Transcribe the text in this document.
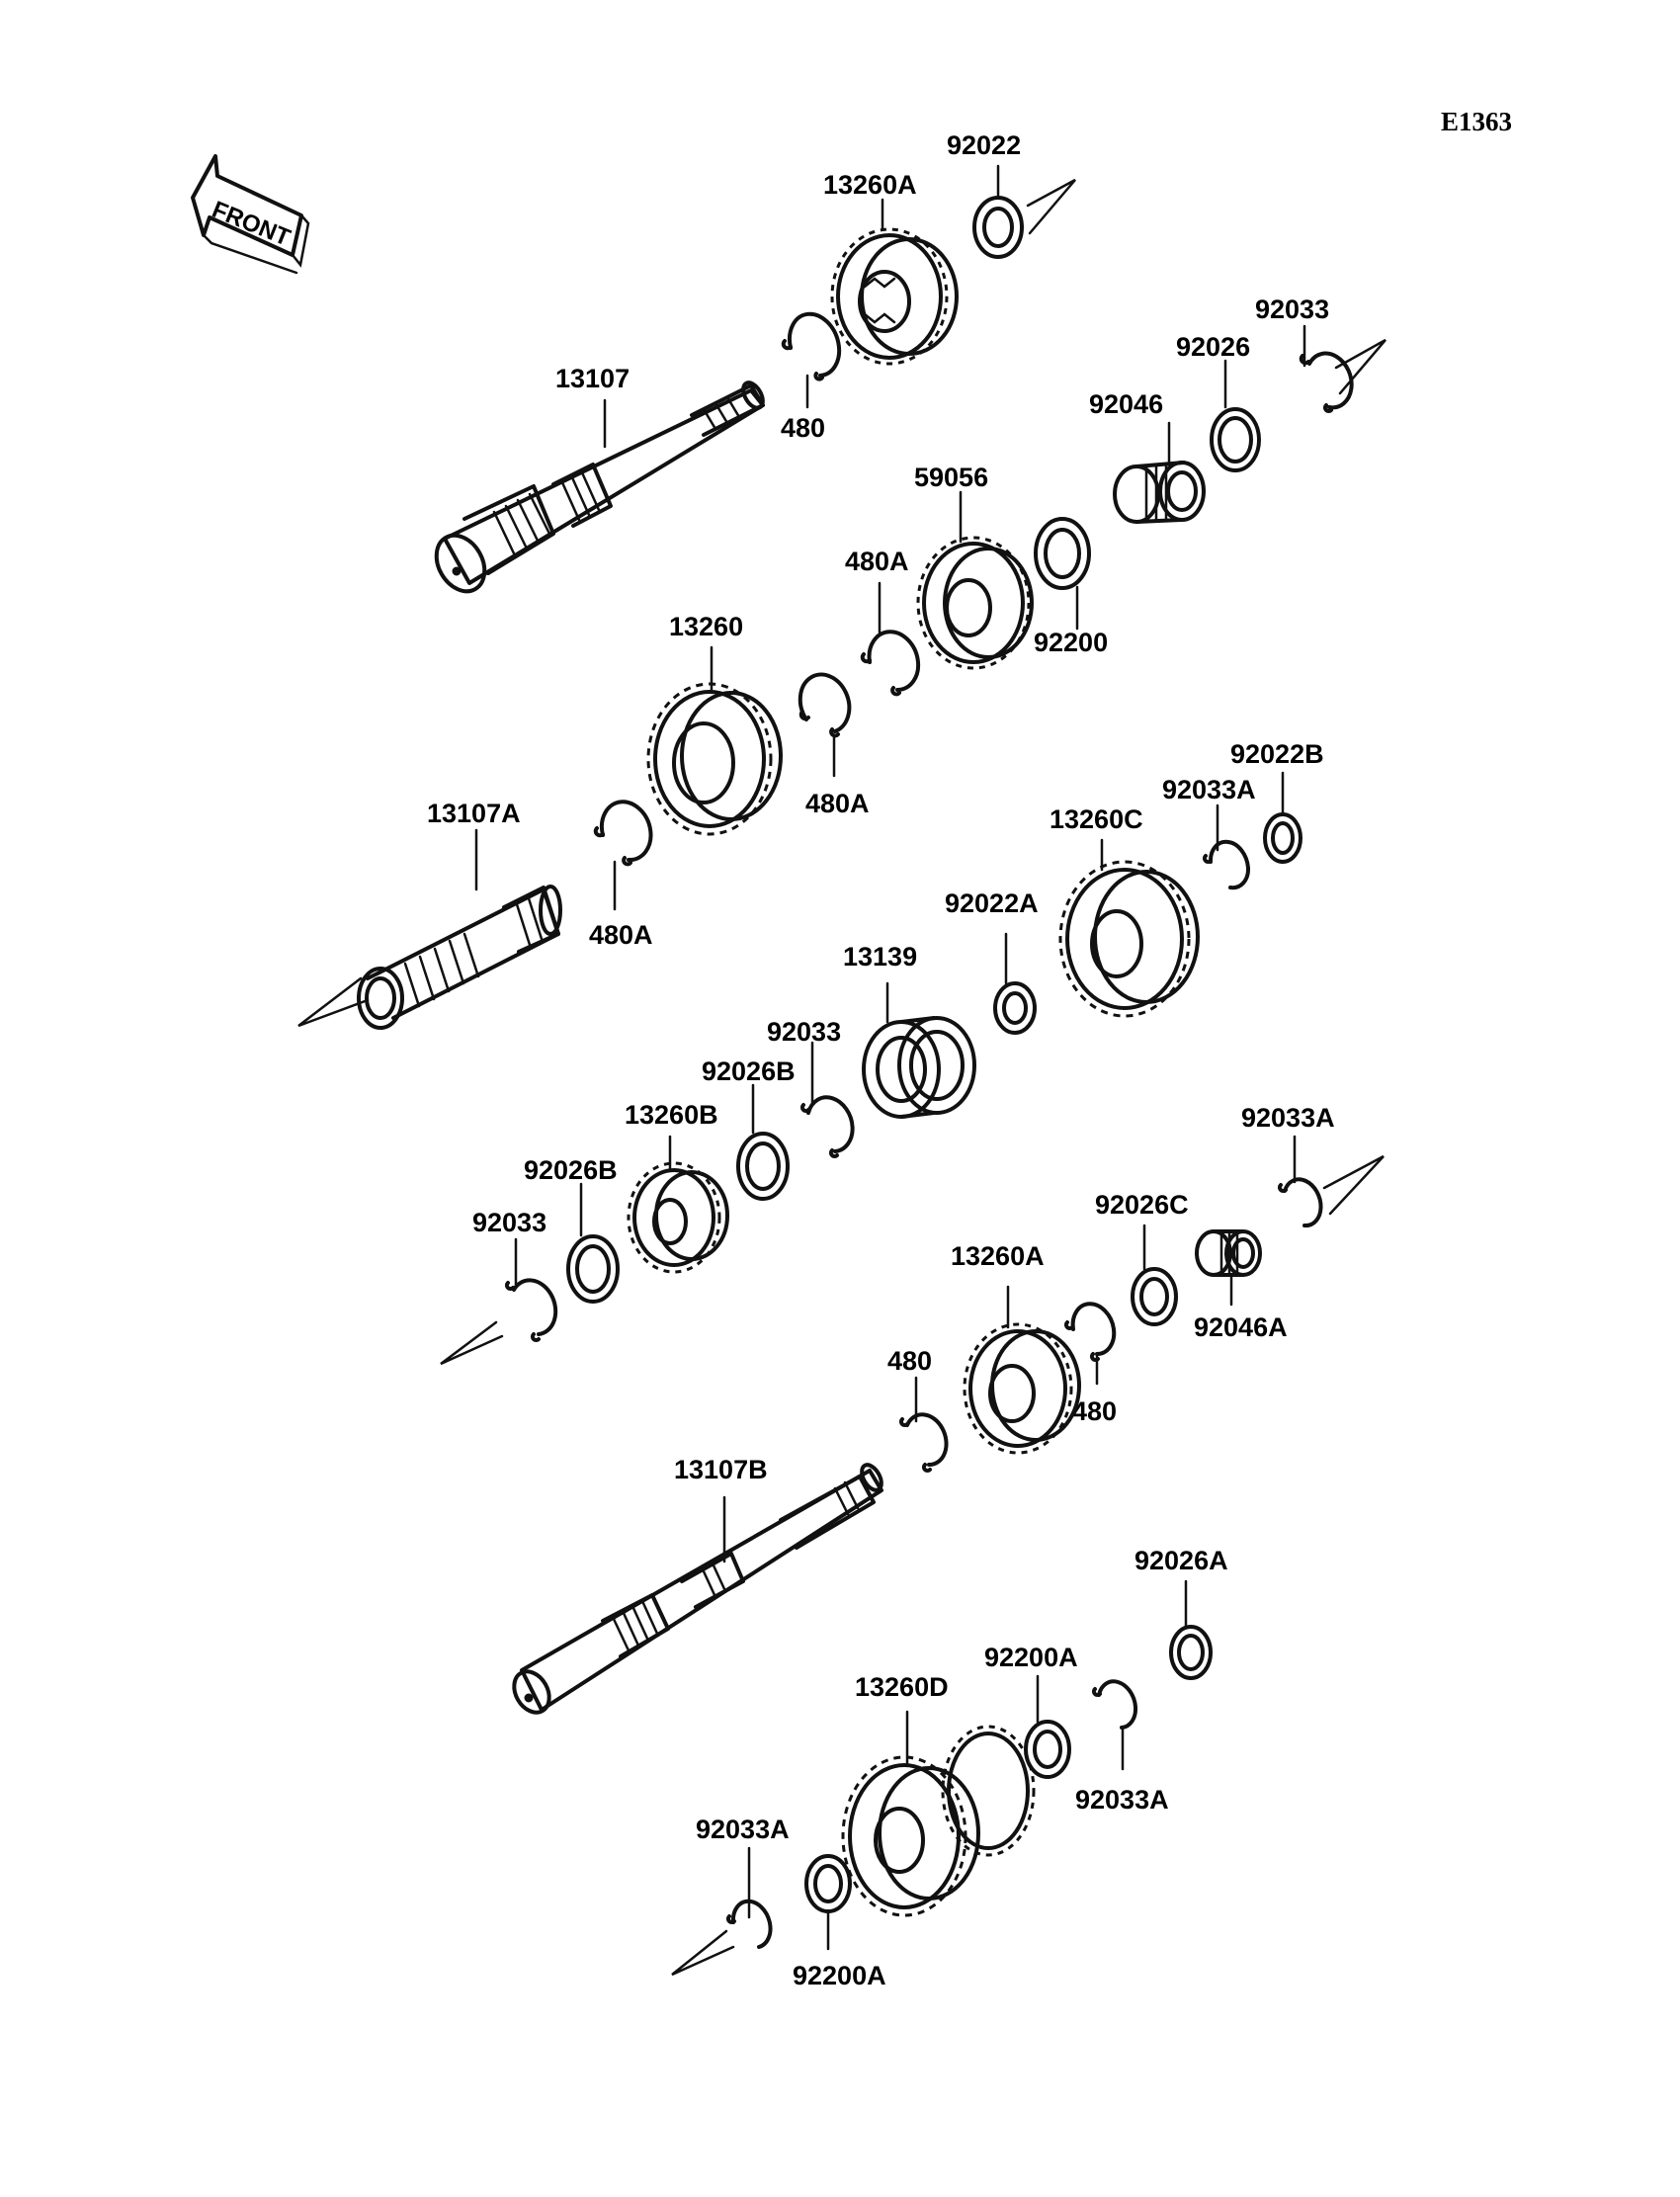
E1363
FRONT
13107
480
13260A
92022
92046
92026
92033
92200
59056
480A
480A
13260
13107A
480A
92022B
92033A
13260C
92022A
13139
92033
92026B
13260B
92026B
92033
92033A
92046A
92026C
480
13260A
480
13107B
92026A
92033A
92200A
13260D
92200A
92033A
